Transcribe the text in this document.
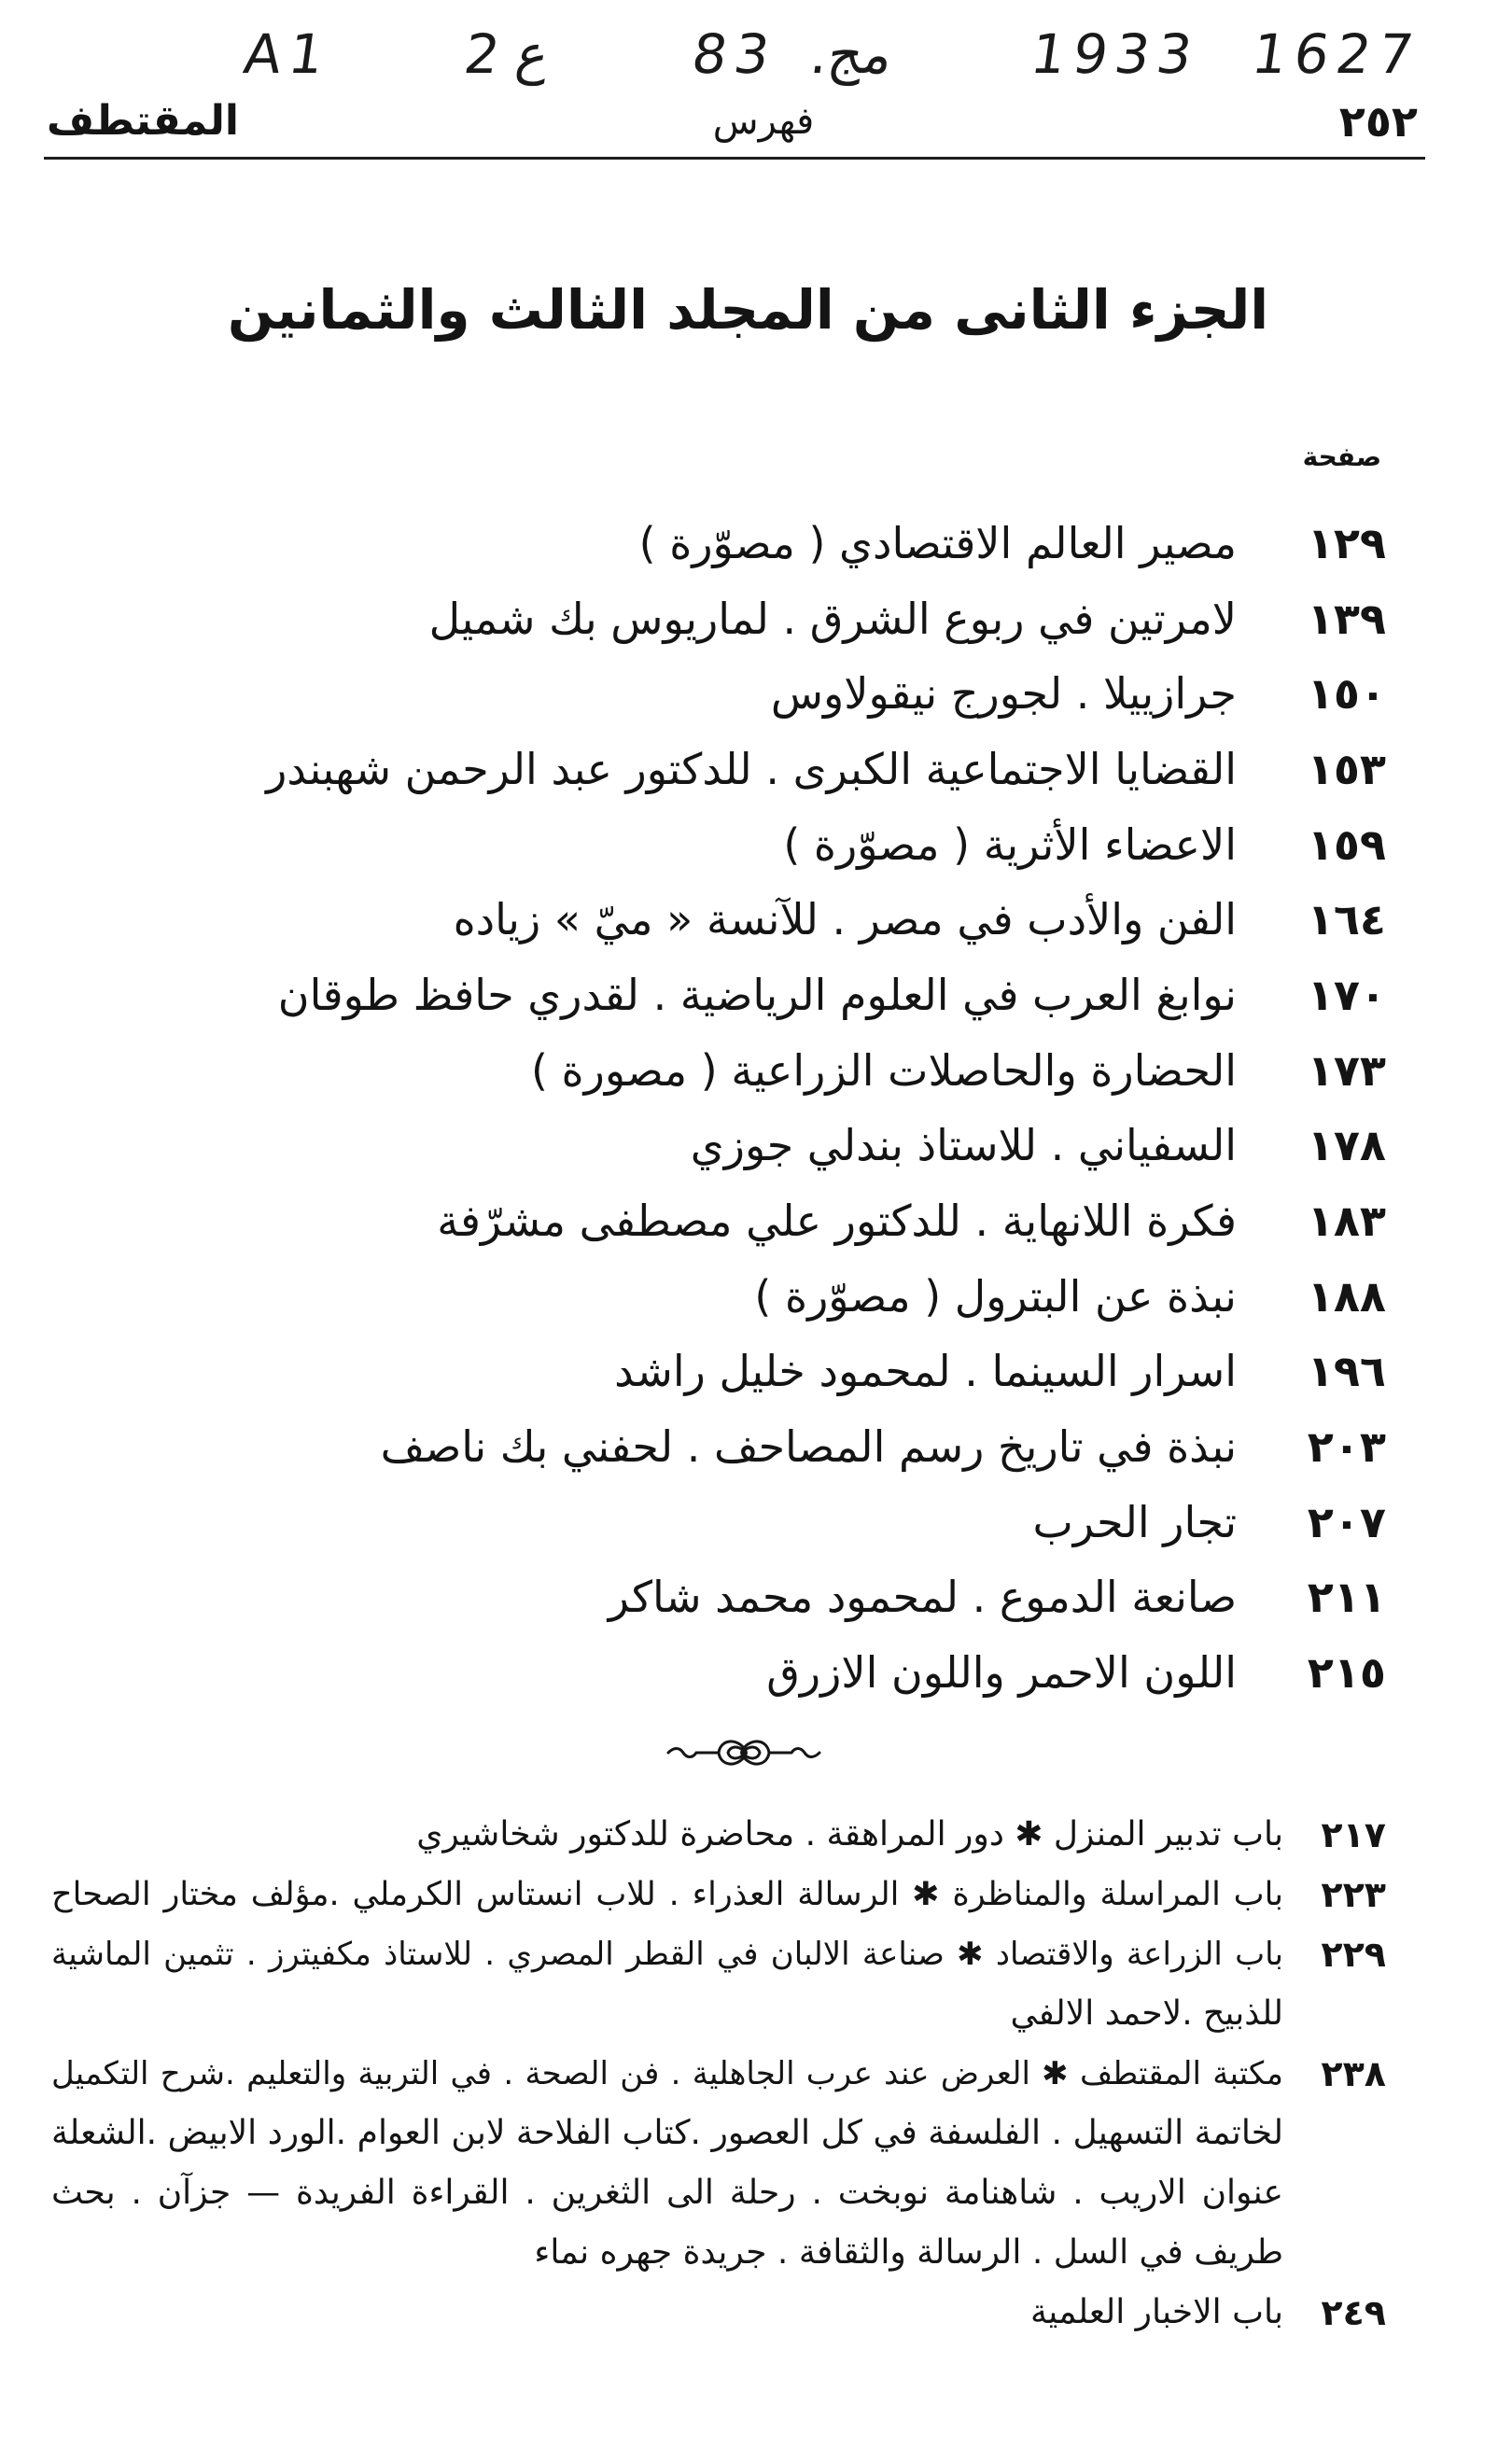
A1 2 ع 83 .مج 1933 1627
المقتطف	فهرس	٢٥٢
الجزء الثانى من المجلد الثالث والثمانين
صفحة
١٢٩
مصير العالم الاقتصادي ( مصوّرة )
١٣٩
لامرتين في ربوع الشرق . لماريوس بك شميل
١٥٠
جرازييلا . لجورج نيقولاوس
١٥٣
القضايا الاجتماعية الكبرى . للدكتور عبد الرحمن شهبندر
١٥٩
الاعضاء الأثرية ( مصوّرة )
١٦٤
الفن والأدب في مصر . للآنسة « ميّ » زياده
١٧٠
نوابغ العرب في العلوم الرياضية . لقدري حافظ طوقان
١٧٣
الحضارة والحاصلات الزراعية ( مصورة )
١٧٨
السفياني . للاستاذ بندلي جوزي
١٨٣
فكرة اللانهاية . للدكتور علي مصطفى مشرّفة
١٨٨
نبذة عن البترول ( مصوّرة )
١٩٦
اسرار السينما . لمحمود خليل راشد
٢٠٣
نبذة في تاريخ رسم المصاحف . لحفني بك ناصف
٢٠٧
تجار الحرب
٢١١
صانعة الدموع . لمحمود محمد شاكر
٢١٥
اللون الاحمر واللون الازرق
٢١٧
باب تدبير المنزل ✱ دور المراهقة . محاضرة للدكتور شخاشيري
٢٢٣
باب المراسلة والمناظرة ✱ الرسالة العذراء . للاب انستاس الكرملي .مؤلف مختار الصحاح
٢٢٩
باب الزراعة والاقتصاد ✱ صناعة الالبان في القطر المصري . للاستاذ مكفيترز . تثمين الماشية
للذبيح .لاحمد الالفي
٢٣٨
مكتبة المقتطف ✱ العرض عند عرب الجاهلية . فن الصحة . في التربية والتعليم .شرح التكميل
لخاتمة التسهيل . الفلسفة في كل العصور .كتاب الفلاحة لابن العوام .الورد الابيض .الشعلة
عنوان الاريب . شاهنامة نوبخت . رحلة الى الثغرين . القراءة الفريدة — جزآن . بحث
طريف في السل . الرسالة والثقافة . جريدة جهره نماء
٢٤٩
باب الاخبار العلمية
